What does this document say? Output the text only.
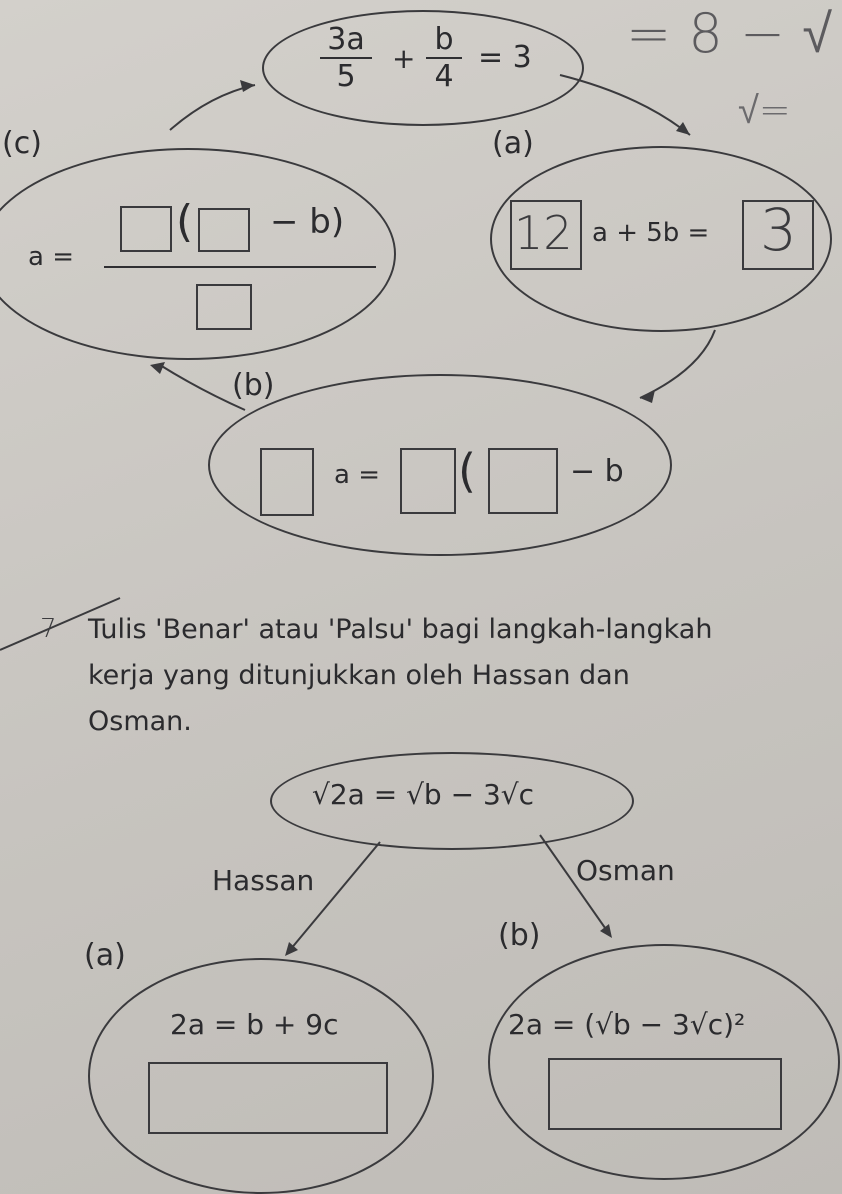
3a
5
+
b
4
= 3 = 8 − √
√=
(c)	(a)
a =
( − b)	12 a + 5b = 3
(b)
a = (	− b
7 Tulis 'Benar' atau 'Palsu' bagi langkah-langkah
kerja yang ditunjukkan oleh Hassan dan
Osman.
√2a = √b − 3√c
Hassan	Osman
(a)
(b)
2a = b + 9c	2a = (√b − 3√c)²
